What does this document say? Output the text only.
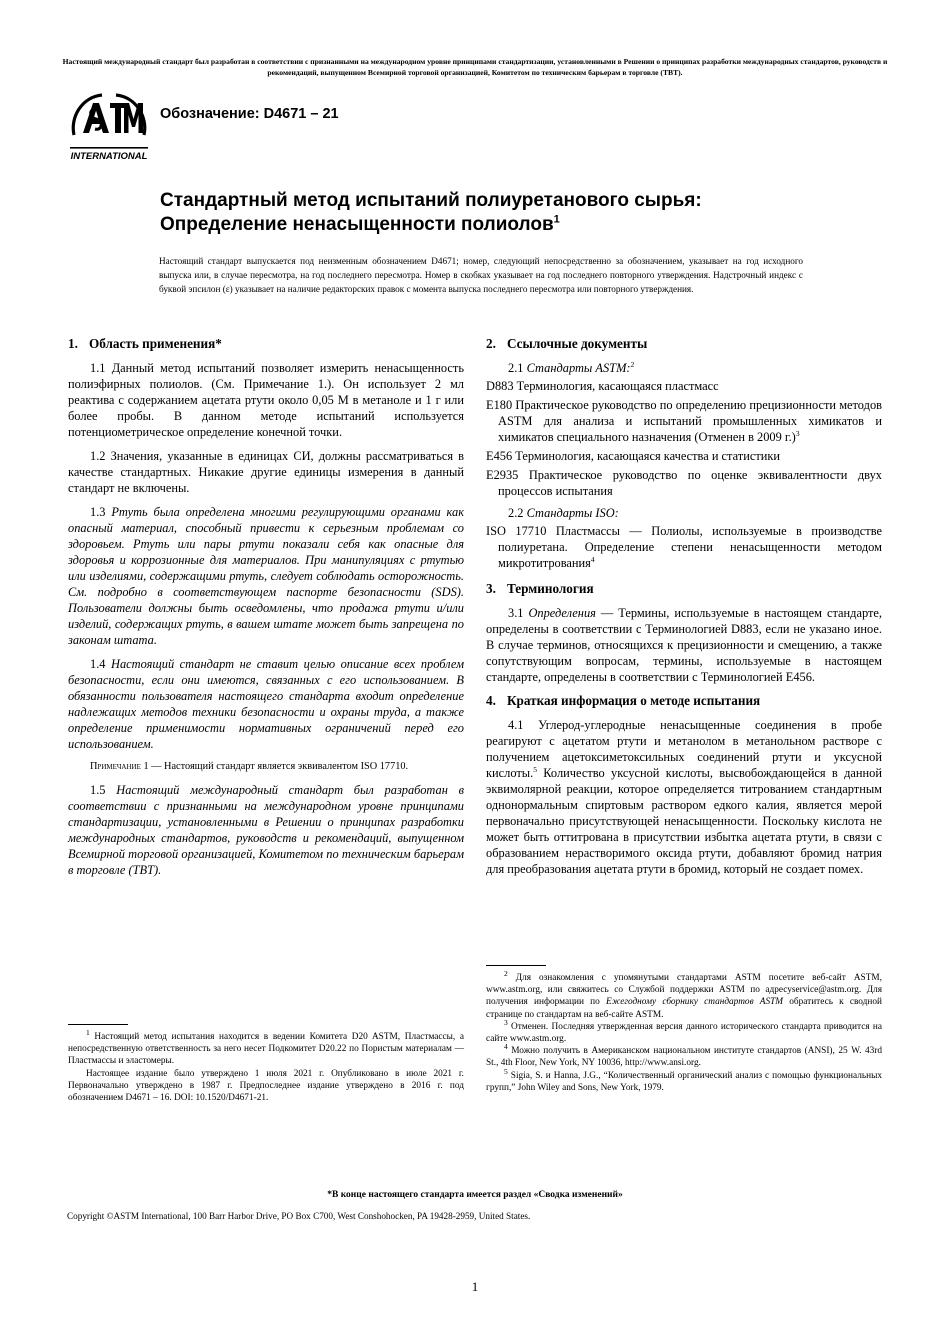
Настоящий международный стандарт был разработан в соответствии с признанными на международном уровне принципами стандартизации, установленными в Решении о принципах разработки международных стандартов, руководств и рекомендаций, выпущенном Всемирной торговой организацией, Комитетом по техническим барьерам в торговле (TBT).
INTERNATIONAL
Обозначение: D4671 – 21
Стандартный метод испытаний полиуретанового сырья:
Определение ненасыщенности полиолов$^1$
Настоящий стандарт выпускается под неизменным обозначением D4671; номер, следующий непосредственно за обозначением, указывает на год исходного выпуска или, в случае пересмотра, на год последнего пересмотра. Номер в скобках указывает на год последнего повторного утверждения. Надстрочный индекс с буквой эпсилон (ε) указывает на наличие редакторских правок с момента выпуска последнего пересмотра или повторного утверждения.
1. Область применения*

1.1 Данный метод испытаний позволяет измерить ненасыщенность полиэфирных полиолов. (См. Примечание 1.). Он использует 2 мл реактива с содержанием ацетата ртути около 0,05 М в метаноле и 1 г или более пробы. В данном методе испытаний используется потенциометрическое определение конечной точки.

1.2 Значения, указанные в единицах СИ, должны рассматриваться в качестве стандартных. Никакие другие единицы измерения в данный стандарт не включены.

1.3 Ртуть была определена многими регулирующими органами как опасный материал, способный привести к серьезным проблемам со здоровьем. Ртуть или пары ртути показали себя как опасные для здоровья и коррозионные для материалов. При манипуляциях с ртутью или изделиями, содержащими ртуть, следует соблюдать осторожность. См. подробно в соответствующем паспорте безопасности (SDS). Пользователи должны быть осведомлены, что продажа ртути и/или изделий, содержащих ртуть, в вашем штате может быть запрещена по законам штата.

1.4 Настоящий стандарт не ставит целью описание всех проблем безопасности, если они имеются, связанных с его использованием. В обязанности пользователя настоящего стандарта входит определение надлежащих методов техники безопасности и охраны труда, а также определение применимости нормативных ограничений перед его использованием.

Примечание 1 — Настоящий стандарт является эквивалентом ISO 17710.

1.5 Настоящий международный стандарт был разработан в соответствии с признанными на международном уровне принципами стандартизации, установленными в Решении о принципах разработки международных стандартов, руководств и рекомендаций, выпущенном Всемирной торговой организацией, Комитетом по техническим барьерам в торговле (TBT).

$^1$ Настоящий метод испытания находится в ведении Комитета D20 ASTM, Пластмассы, а непосредственную ответственность за него несет Подкомитет D20.22 по Пористым материалам — Пластмассы и эластомеры.
Настоящее издание было утверждено 1 июля 2021 г. Опубликовано в июле 2021 г. Первоначально утверждено в 1987 г. Предпоследнее издание утверждено в 2016 г. под обозначением D4671 – 16. DOI: 10.1520/D4671-21.
2. Ссылочные документы

2.1 Стандарты ASTM:$^2$

D883 Терминология, касающаяся пластмасс
E180 Практическое руководство по определению прецизионности методов ASTM для анализа и испытаний промышленных химикатов и химикатов специального назначения (Отменен в 2009 г.)$^3$
E456 Терминология, касающаяся качества и статистики
E2935 Практическое руководство по оценке эквивалентности двух процессов испытания

2.2 Стандарты ISO:

ISO 17710 Пластмассы — Полиолы, используемые в производстве полиуретана. Определение степени ненасыщенности методом микротитрования$^4$
3. Терминология

3.1 Определения — Термины, используемые в настоящем стандарте, определены в соответствии с Терминологией D883, если не указано иное. В случае терминов, относящихся к прецизионности и смещению, а также сопутствующим вопросам, термины, используемые в настоящем стандарте, определены в соответствии с Терминологией E456.

4. Краткая информация о методе испытания

4.1 Углерод-углеродные ненасыщенные соединения в пробе реагируют с ацетатом ртути и метанолом в метанольном растворе с получением ацетоксиметоксильных соединений ртути и уксусной кислоты.$^5$ Количество уксусной кислоты, высвобождающейся в данной эквимолярной реакции, которое определяется титрованием стандартным однонормальным спиртовым раствором едкого калия, является мерой первоначально присутствующей ненасыщенности. Поскольку кислота не может быть оттитрована в присутствии избытка ацетата ртути, в связи с образованием нерастворимого оксида ртути, добавляют бромид натрия для преобразования ацетата ртути в бромид, который не создает помех.

$^2$ Для ознакомления с упомянутыми стандартами ASTM посетите веб-сайт ASTM, www.astm.org, или свяжитесь со Службой поддержки ASTM по адресуservice@astm.org. Для получения информации по Ежегодному сборнику стандартов ASTM обратитесь к сводной странице по стандартам на веб-сайте ASTM.
$^3$ Отменен. Последняя утвержденная версия данного исторического стандарта приводится на сайте www.astm.org.
$^4$ Можно получить в Американском национальном институте стандартов (ANSI), 25 W. 43rd St., 4th Floor, New York, NY 10036, http://www.ansi.org.
$^5$ Sigia, S. и Hanna, J.G., “Количественный органический анализ с помощью функциональных групп,” John Wiley and Sons, New York, 1979.
*В конце настоящего стандарта имеется раздел «Сводка изменений»
Copyright ©ASTM International, 100 Barr Harbor Drive, PO Box C700, West Conshohocken, PA 19428-2959, United States.
1
